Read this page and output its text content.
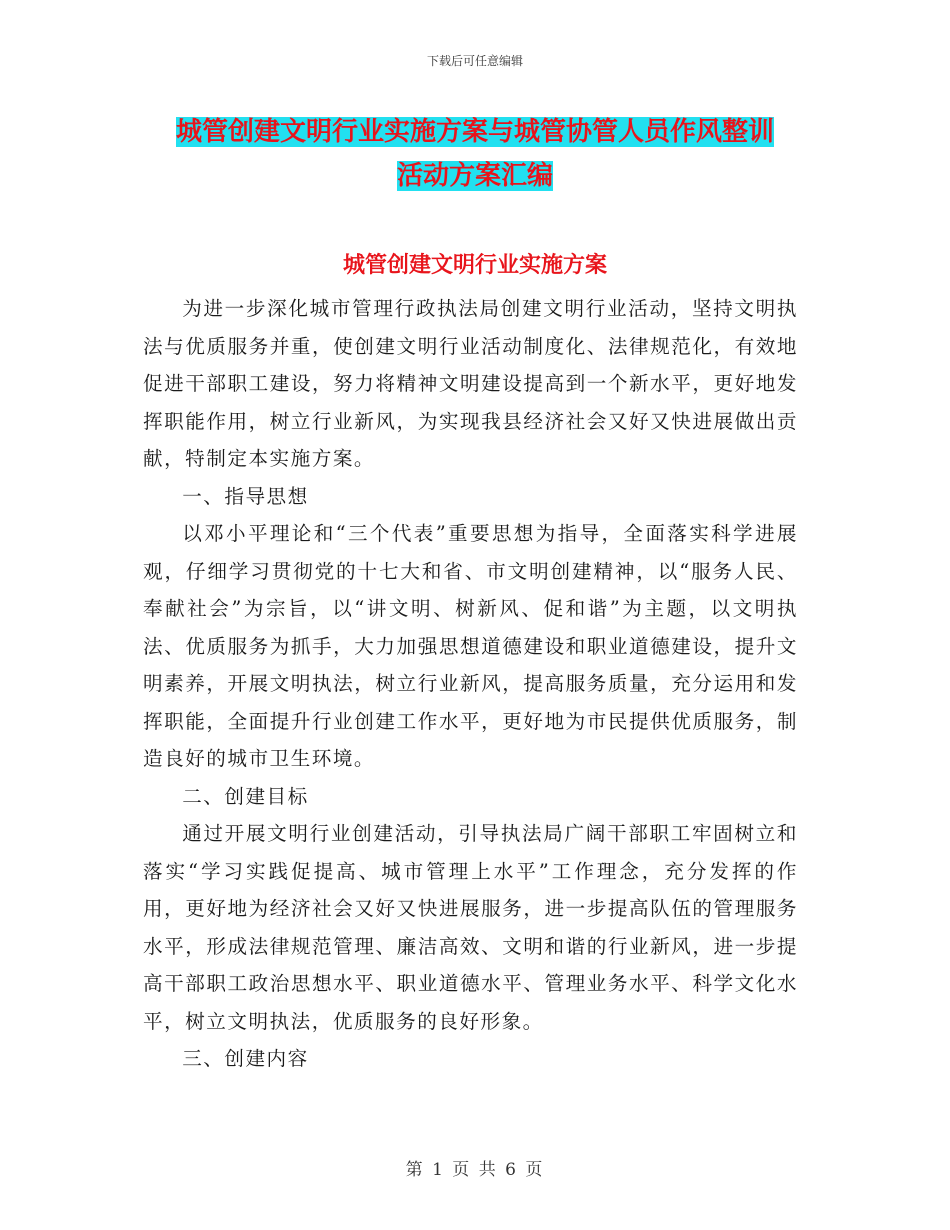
下载后可任意编辑
城管创建文明行业实施方案与城管协管人员作风整训
活动方案汇编
城管创建文明行业实施方案

为进一步深化城市管理行政执法局创建文明行业活动，坚持文明执法与优质服务并重，使创建文明行业活动制度化、法律规范化，有效地促进干部职工建设，努力将精神文明建设提高到一个新水平，更好地发挥职能作用，树立行业新风，为实现我县经济社会又好又快进展做出贡献，特制定本实施方案。

一、指导思想

以邓小平理论和“三个代表”重要思想为指导，全面落实科学进展观，仔细学习贯彻党的十七大和省、市文明创建精神，以“服务人民、奉献社会”为宗旨，以“讲文明、树新风、促和谐”为主题，以文明执法、优质服务为抓手，大力加强思想道德建设和职业道德建设，提升文明素养，开展文明执法，树立行业新风，提高服务质量，充分运用和发挥职能，全面提升行业创建工作水平，更好地为市民提供优质服务，制造良好的城市卫生环境。

二、创建目标

通过开展文明行业创建活动，引导执法局广阔干部职工牢固树立和落实“学习实践促提高、城市管理上水平”工作理念，充分发挥的作用，更好地为经济社会又好又快进展服务，进一步提高队伍的管理服务水平，形成法律规范管理、廉洁高效、文明和谐的行业新风，进一步提高干部职工政治思想水平、职业道德水平、管理业务水平、科学文化水平，树立文明执法，优质服务的良好形象。

三、创建内容

第 1 页 共 6 页
